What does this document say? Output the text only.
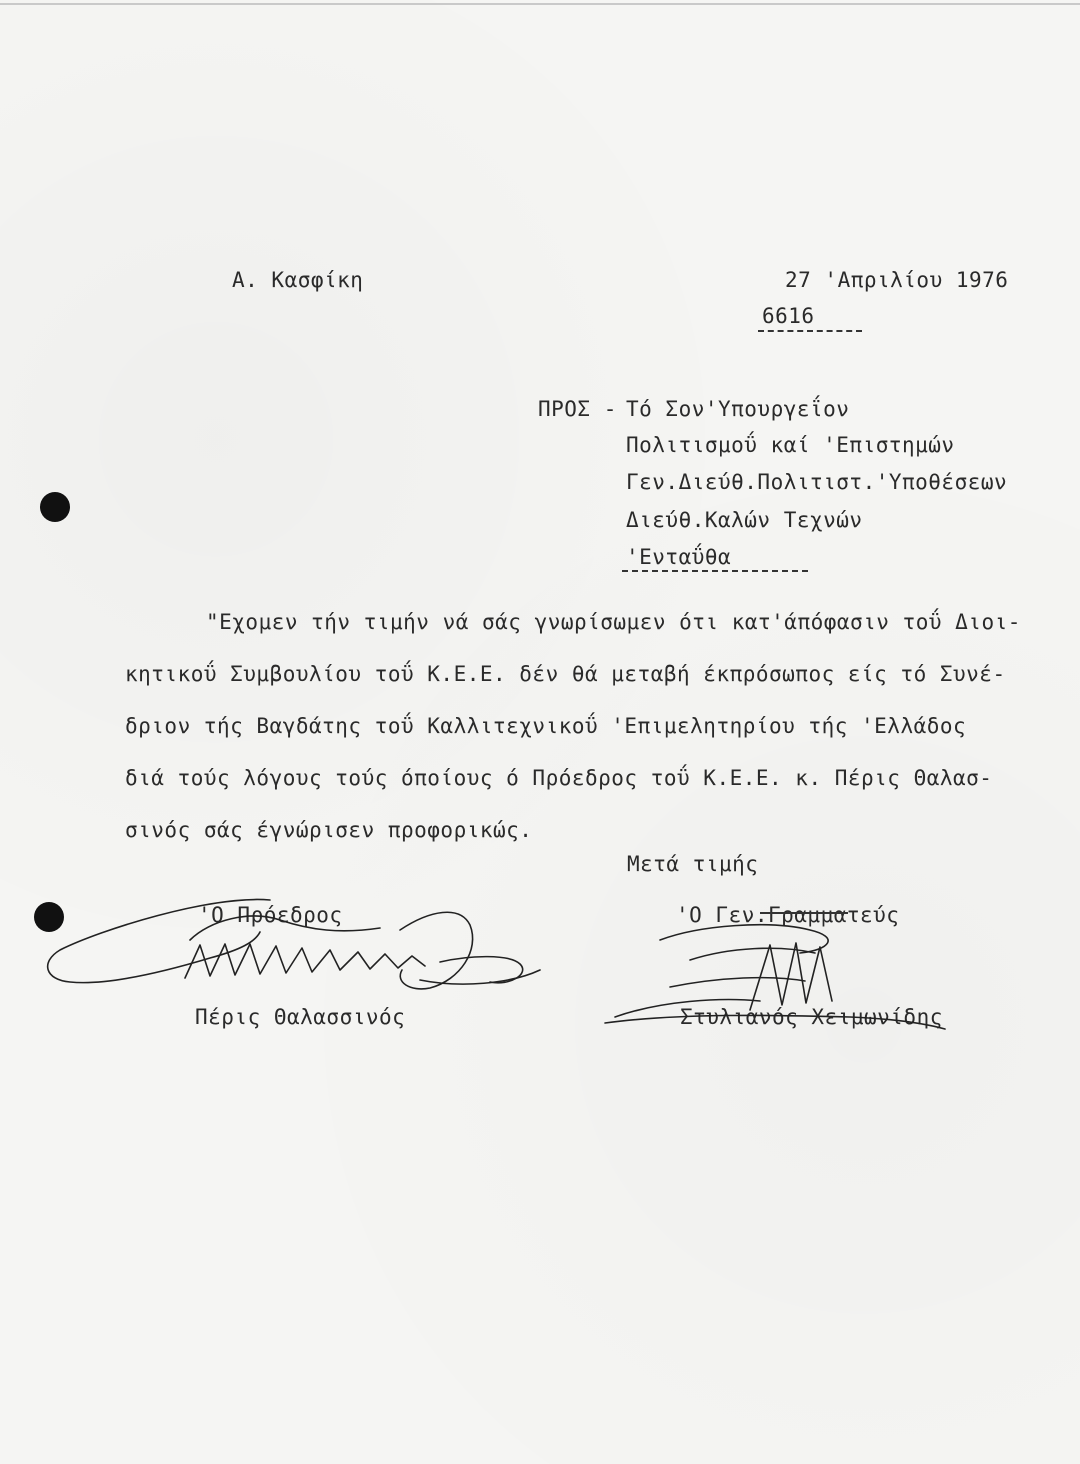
Α. Κασφίκη	27 'Απριλίου 1976
6616
ΠΡΟΣ - Τό Σον'Υπουργεΐον
Πολιτισμοΰ καί 'Επιστημών
Γεν.Διεύθ.Πολιτιστ.'Υποθέσεων
Διεύθ.Καλών Τεχνών
'Ενταΰθα
"Εχομεν τήν τιμήν νά σάς γνωρίσωμεν ότι κατ'άπόφασιν τοΰ Διοι-
κητικοΰ Συμβουλίου τοΰ Κ.Ε.Ε. δέν θά μεταβή έκπρόσωπος είς τό Συνέ-
δριον τής Βαγδάτης τοΰ Καλλιτεχνικοΰ 'Επιμελητηρίου τής 'Ελλάδος
διά τούς λόγους τούς όποίους ό Πρόεδρος τοΰ Κ.Ε.Ε. κ. Πέρις Θαλασ-
σινός σάς έγνώρισεν προφορικώς.
Μετά τιμής
'Ο Πρόεδρος
Πέρις Θαλασσινός
'Ο Γεν.Γραμματεύς
Στυλιανός Χειμωνίδης
